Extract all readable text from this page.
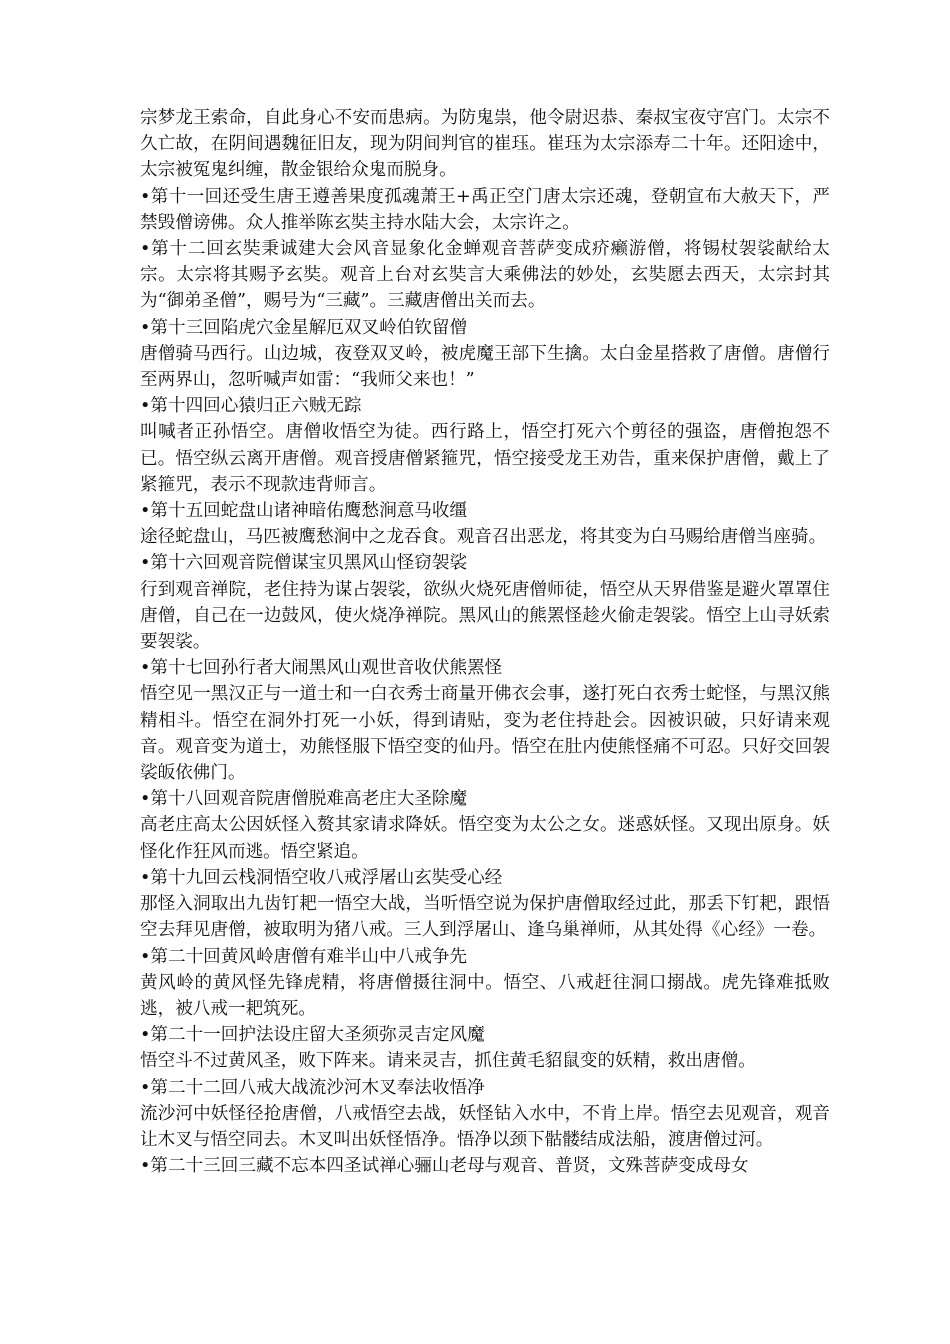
宗梦龙王索命，自此身心不安而患病。为防鬼祟，他令尉迟恭、秦叔宝夜守宫门。太宗不久亡故，在阴间遇魏征旧友，现为阴间判官的崔珏。崔珏为太宗添寿二十年。还阳途中，太宗被冤鬼纠缠，散金银给众鬼而脱身。

•第十一回还受生唐王遵善果度孤魂萧王+禹正空门唐太宗还魂，登朝宣布大赦天下，严禁毁僧谤佛。众人推举陈玄奘主持水陆大会，太宗许之。

•第十二回玄奘秉诚建大会风音显象化金蝉观音菩萨变成疥癞游僧，将锡杖袈裟献给太宗。太宗将其赐予玄奘。观音上台对玄奘言大乘佛法的妙处，玄奘愿去西天，太宗封其为“御弟圣僧”，赐号为“三藏”。三藏唐僧出关而去。

•第十三回陷虎穴金星解厄双叉岭伯钦留僧

唐僧骑马西行。山边城，夜登双叉岭，被虎魔王部下生擒。太白金星搭救了唐僧。唐僧行至两界山，忽听喊声如雷：“我师父来也！”

•第十四回心猿归正六贼无踪

叫喊者正孙悟空。唐僧收悟空为徒。西行路上，悟空打死六个剪径的强盗，唐僧抱怨不已。悟空纵云离开唐僧。观音授唐僧紧箍咒，悟空接受龙王劝告，重来保护唐僧，戴上了紧箍咒，表示不现款违背师言。

•第十五回蛇盘山诸神暗佑鹰愁涧意马收缰

途径蛇盘山，马匹被鹰愁涧中之龙吞食。观音召出恶龙，将其变为白马赐给唐僧当座骑。

•第十六回观音院僧谋宝贝黑风山怪窃袈裟

行到观音禅院，老住持为谋占袈裟，欲纵火烧死唐僧师徒，悟空从天界借鉴是避火罩罩住唐僧，自己在一边鼓风，使火烧净禅院。黑风山的熊罴怪趁火偷走袈裟。悟空上山寻妖索要袈裟。

•第十七回孙行者大闹黑风山观世音收伏熊罴怪

悟空见一黑汉正与一道士和一白衣秀士商量开佛衣会事，遂打死白衣秀士蛇怪，与黑汉熊精相斗。悟空在洞外打死一小妖，得到请贴，变为老住持赴会。因被识破，只好请来观音。观音变为道士，劝熊怪服下悟空变的仙丹。悟空在肚内使熊怪痛不可忍。只好交回袈裟皈依佛门。

•第十八回观音院唐僧脱难高老庄大圣除魔

高老庄高太公因妖怪入赘其家请求降妖。悟空变为太公之女。迷惑妖怪。又现出原身。妖怪化作狂风而逃。悟空紧追。

•第十九回云栈洞悟空收八戒浮屠山玄奘受心经

那怪入洞取出九齿钉耙一悟空大战，当听悟空说为保护唐僧取经过此，那丢下钉耙，跟悟空去拜见唐僧，被取明为猪八戒。三人到浮屠山、逢乌巢禅师，从其处得《心经》一卷。

•第二十回黄风岭唐僧有难半山中八戒争先

黄风岭的黄风怪先锋虎精，将唐僧摄往洞中。悟空、八戒赶往洞口搦战。虎先锋难抵败逃，被八戒一耙筑死。

•第二十一回护法设庄留大圣须弥灵吉定风魔

悟空斗不过黄风圣，败下阵来。请来灵吉，抓住黄毛貂鼠变的妖精，救出唐僧。

•第二十二回八戒大战流沙河木叉奉法收悟净

流沙河中妖怪径抢唐僧，八戒悟空去战，妖怪钻入水中，不肯上岸。悟空去见观音，观音让木叉与悟空同去。木叉叫出妖怪悟净。悟净以颈下骷髅结成法船，渡唐僧过河。

•第二十三回三藏不忘本四圣试禅心骊山老母与观音、普贤，文殊菩萨变成母女
